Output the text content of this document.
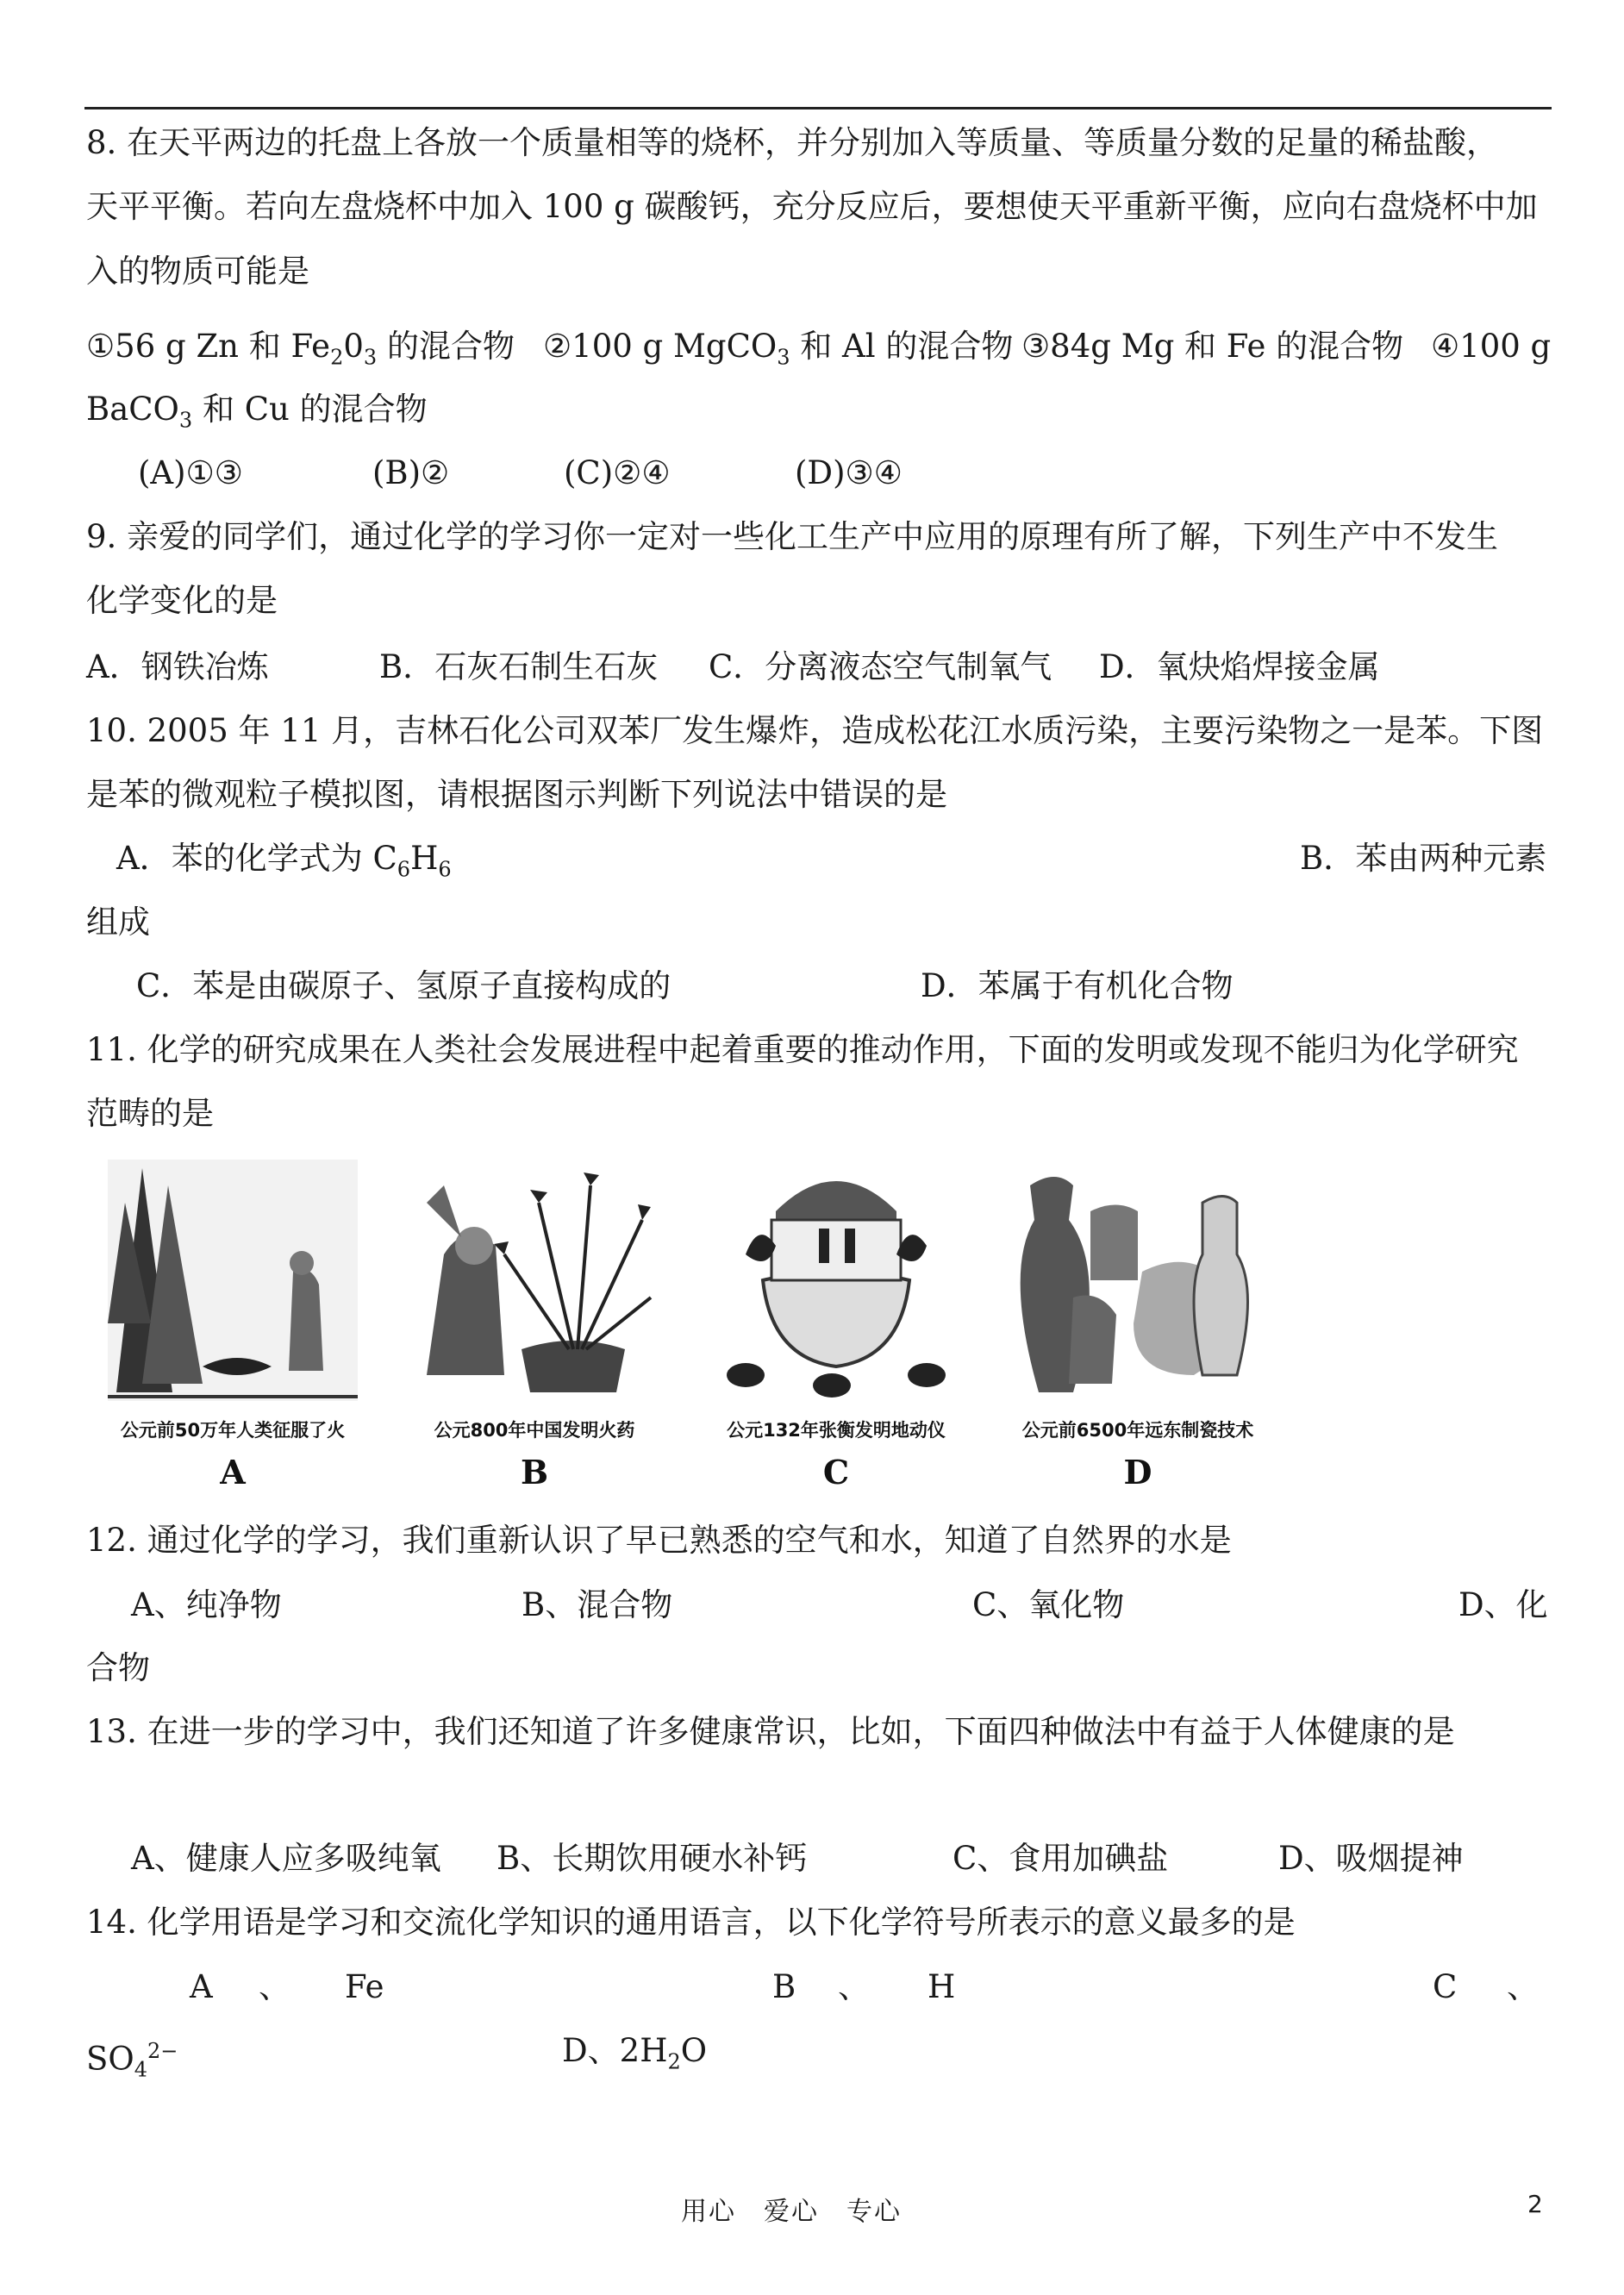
8. 在天平两边的托盘上各放一个质量相等的烧杯，并分别加入等质量、等质量分数的足量的稀盐酸，
天平平衡。若向左盘烧杯中加入 100 g 碳酸钙，充分反应后，要想使天平重新平衡，应向右盘烧杯中加
入的物质可能是
①56 g Zn 和 $Fe_20_3$ 的混合物 ②100 g MgCO$_3$ 和 Al 的混合物 ③84g Mg 和 Fe 的混合物 ④100 g
BaCO$_3$ 和 Cu 的混合物
(A)①③	(B)②	(C)②④	(D)③④
9. 亲爱的同学们，通过化学的学习你一定对一些化工生产中应用的原理有所了解，下列生产中不发生
化学变化的是
A．钢铁冶炼	B．石灰石制生石灰 C．分离液态空气制氧气 D．氧炔焰焊接金属
10. 2005 年 11 月，吉林石化公司双苯厂发生爆炸，造成松花江水质污染，主要污染物之一是苯。下图
是苯的微观粒子模拟图，请根据图示判断下列说法中错误的是
A．苯的化学式为 $C_6H_6$	B．苯由两种元素
组成
C．苯是由碳原子、氢原子直接构成的	D．苯属于有机化合物
11. 化学的研究成果在人类社会发展进程中起着重要的推动作用，下面的发明或发现不能归为化学研究
范畴的是
公元前50万年人类征服了火
A
公元800年中国发明火药
B
公元132年张衡发明地动仪
C
公元前6500年远东制瓷技术
D
12. 通过化学的学习，我们重新认识了早已熟悉的空气和水，知道了自然界的水是
A、纯净物	B、混合物	C、氧化物	D、化
合物
13. 在进一步的学习中，我们还知道了许多健康常识，比如，下面四种做法中有益于人体健康的是
A、健康人应多吸纯氧 B、长期饮用硬水补钙	C、食用加碘盐	D、吸烟提神
14. 化学用语是学习和交流化学知识的通用语言，以下化学符号所表示的意义最多的是
A 、 Fe	B 、 H	C 、
$SO_4^{2-}$	D、$2H_2O$
用心　爱心　专心	2
